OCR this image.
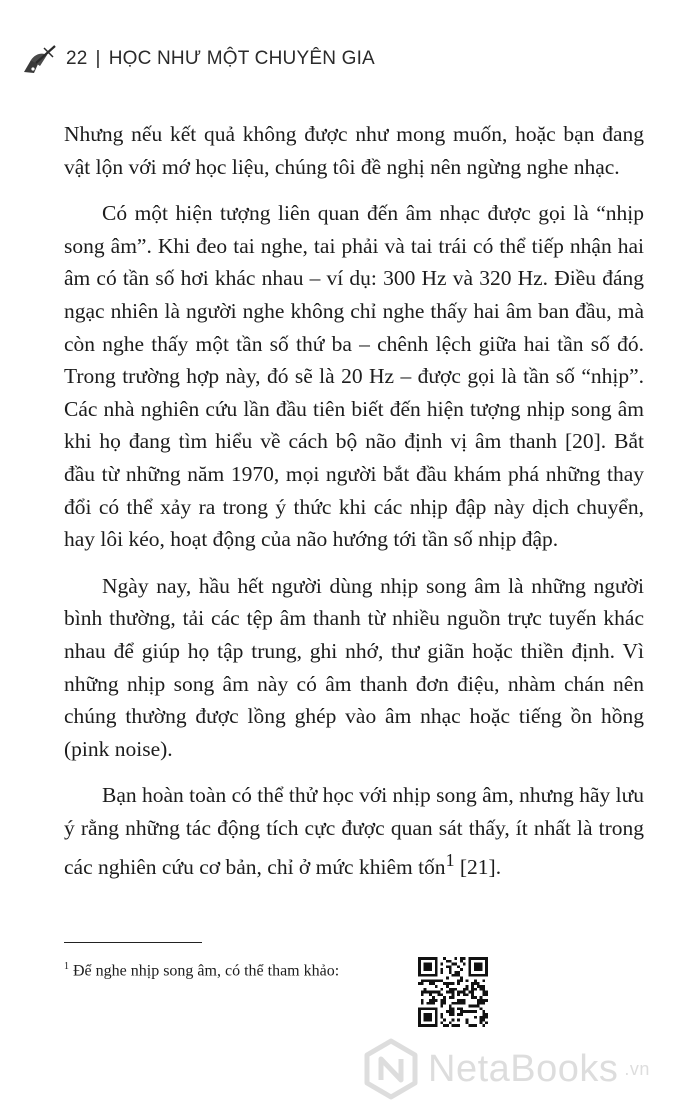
22 | HỌC NHƯ MỘT CHUYÊN GIA

Nhưng nếu kết quả không được như mong muốn, hoặc bạn đang vật lộn với mớ học liệu, chúng tôi đề nghị nên ngừng nghe nhạc.

Có một hiện tượng liên quan đến âm nhạc được gọi là “nhịp song âm”. Khi đeo tai nghe, tai phải và tai trái có thể tiếp nhận hai âm có tần số hơi khác nhau – ví dụ: 300 Hz và 320 Hz. Điều đáng ngạc nhiên là người nghe không chỉ nghe thấy hai âm ban đầu, mà còn nghe thấy một tần số thứ ba – chênh lệch giữa hai tần số đó. Trong trường hợp này, đó sẽ là 20 Hz – được gọi là tần số “nhịp”. Các nhà nghiên cứu lần đầu tiên biết đến hiện tượng nhịp song âm khi họ đang tìm hiểu về cách bộ não định vị âm thanh [20]. Bắt đầu từ những năm 1970, mọi người bắt đầu khám phá những thay đổi có thể xảy ra trong ý thức khi các nhịp đập này dịch chuyển, hay lôi kéo, hoạt động của não hướng tới tần số nhịp đập.

Ngày nay, hầu hết người dùng nhịp song âm là những người bình thường, tải các tệp âm thanh từ nhiều nguồn trực tuyến khác nhau để giúp họ tập trung, ghi nhớ, thư giãn hoặc thiền định. Vì những nhịp song âm này có âm thanh đơn điệu, nhàm chán nên chúng thường được lồng ghép vào âm nhạc hoặc tiếng ồn hồng (pink noise).

Bạn hoàn toàn có thể thử học với nhịp song âm, nhưng hãy lưu ý rằng những tác động tích cực được quan sát thấy, ít nhất là trong các nghiên cứu cơ bản, chỉ ở mức khiêm tốn$^1$ [21].

$^1$ Để nghe nhịp song âm, có thể tham khảo:
NetaBooks .vn
